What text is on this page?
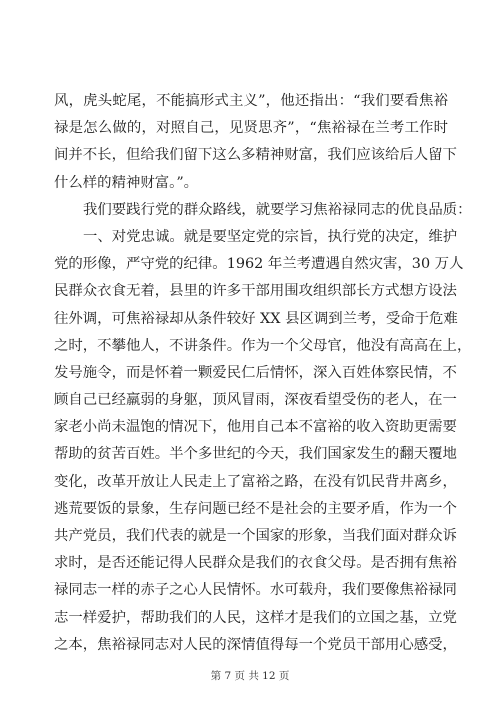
风，虎头蛇尾，不能搞形式主义”，他还指出：“我们要看焦裕
禄是怎么做的，对照自己，见贤思齐”，“焦裕禄在兰考工作时
间并不长，但给我们留下这么多精神财富，我们应该给后人留下
什么样的精神财富。”。
我们要践行党的群众路线，就要学习焦裕禄同志的优良品质：
一、对党忠诚。就是要坚定党的宗旨，执行党的决定，维护
党的形像，严守党的纪律。1962 年兰考遭遇自然灾害，30 万人
民群众衣食无着，县里的许多干部用围攻组织部长方式想方设法
往外调，可焦裕禄却从条件较好 XX 县区调到兰考，受命于危难
之时，不攀他人，不讲条件。作为一个父母官，他没有高高在上，
发号施令，而是怀着一颗爱民仁后情怀，深入百姓体察民情，不
顾自己已经羸弱的身躯，顶风冒雨，深夜看望受伤的老人，在一
家老小尚未温饱的情况下，他用自己本不富裕的收入资助更需要
帮助的贫苦百姓。半个多世纪的今天，我们国家发生的翻天覆地
变化，改革开放让人民走上了富裕之路，在没有饥民背井离乡，
逃荒要饭的景象，生存问题已经不是社会的主要矛盾，作为一个
共产党员，我们代表的就是一个国家的形象，当我们面对群众诉
求时，是否还能记得人民群众是我们的衣食父母。是否拥有焦裕
禄同志一样的赤子之心人民情怀。水可载舟，我们要像焦裕禄同
志一样爱护，帮助我们的人民，这样才是我们的立国之基，立党
之本，焦裕禄同志对人民的深情值得每一个党员干部用心感受，
第 7 页 共 12 页
